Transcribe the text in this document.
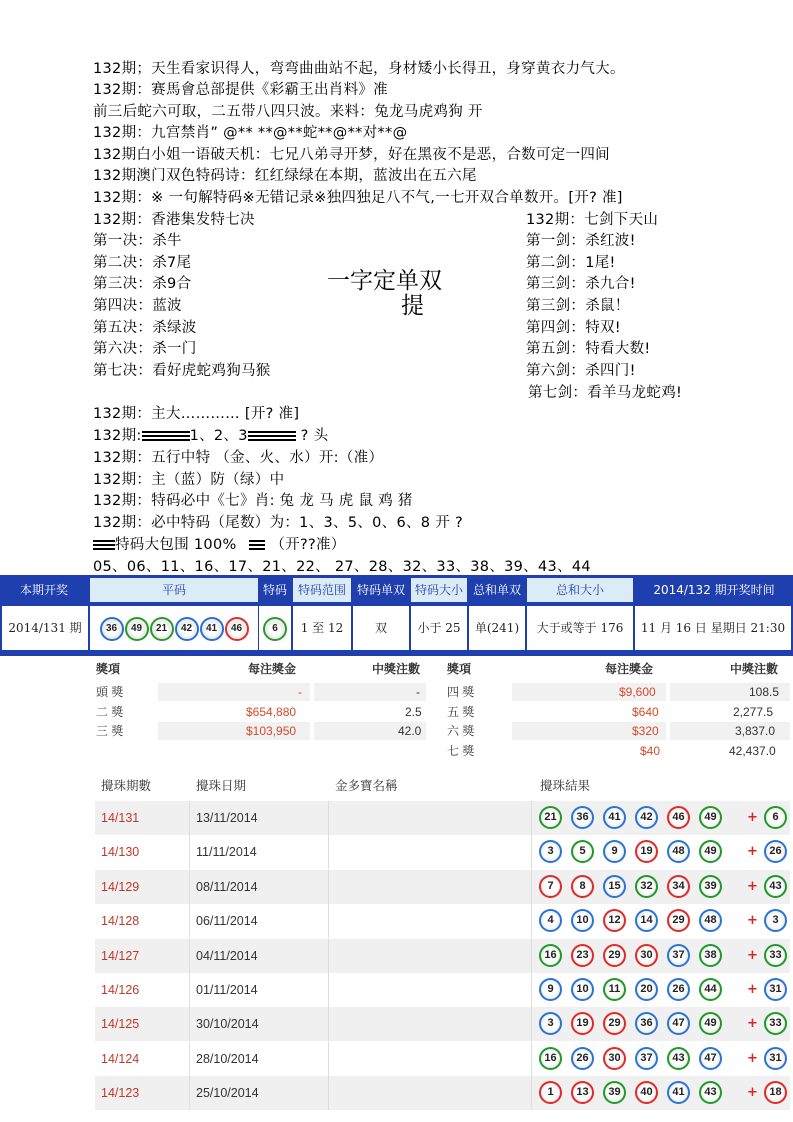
132期；天生看家识得人，弯弯曲曲站不起，身材矮小长得丑，身穿黄衣力气大。
132期：赛馬會总部提供《彩霸王出肖料》准
前三后蛇六可取，二五带八四只波。来料：兔龙马虎鸡狗 开
132期：九宫禁肖” @** **@**蛇**@**对**@
132期白小姐一语破天机：七兄八弟寻开梦，好在黑夜不是恶，合数可定一四间
132期澳门双色特码诗：红红绿绿在本期，蓝波出在五六尾
132期：※ 一句解特码※无错记录※独四独足八不气,一七开双合单数开。[开? 准]
132期：香港集发特七决
第一决：杀牛
第二决：杀7尾
第三决：杀9合
第四决：蓝波
第五决：杀绿波
第六决：杀一门
第七决：看好虎蛇鸡狗马猴
一字定单双
提
132期：七剑下天山
第一剑：杀红波!
第二剑：1尾!
第三剑：杀九合!
第三剑：杀鼠！
第四剑：特双!
第五剑：特看大数!
第六剑：杀四门!
第七剑：看羊马龙蛇鸡!
132期：主大………… [开? 准]
132期:	1、2、3	? 头
132期：五行中特 （金、火、水）开:（准）
132期：主（蓝）防（绿）中
132期：特码必中《七》肖: 兔 龙 马 虎 鼠 鸡 猪
132期：必中特码（尾数）为：1、3、5、0、6、8 开 ?
特码大包围 100%  （开??准）
05、06、11、16、17、21、22、 27、28、32、33、38、39、43、44
本期开奖	平码	特码 特码范围 特码单双 特码大小 总和单双	总和大小	2014/132 期开奖时间
2014/131 期	36 49 21 42 41 46	6	1 至 12	双	小于 25	单(241)	大于或等于 176	11 月 16 日 星期日 21:30
獎項	每注獎金	中獎注數 獎項	每注獎金	中獎注數
頭 獎	-	-
二 獎	$654,880	2.5
三 獎	$103,950	42.0
四 獎	$9,600	108.5
五 獎	$640	2,277.5
六 獎	$320	3,837.0
七 獎	$40	42,437.0
攪珠期數	攪珠日期	金多寶名稱	攪珠結果
14/131	13/11/2014	21	36	41	42	46	49	+	6
14/130	11/11/2014	3	5	9	19	48	49	+	26
14/129	08/11/2014	7	8	15	32	34	39	+	43
14/128	06/11/2014	4	10	12	14	29	48	+	3
14/127	04/11/2014	16	23	29	30	37	38	+	33
14/126	01/11/2014	9	10	11	20	26	44	+	31
14/125	30/10/2014	3	19	29	36	47	49	+	33
14/124	28/10/2014	16	26	30	37	43	47	+	31
14/123	25/10/2014	1	13	39	40	41	43	+	18
